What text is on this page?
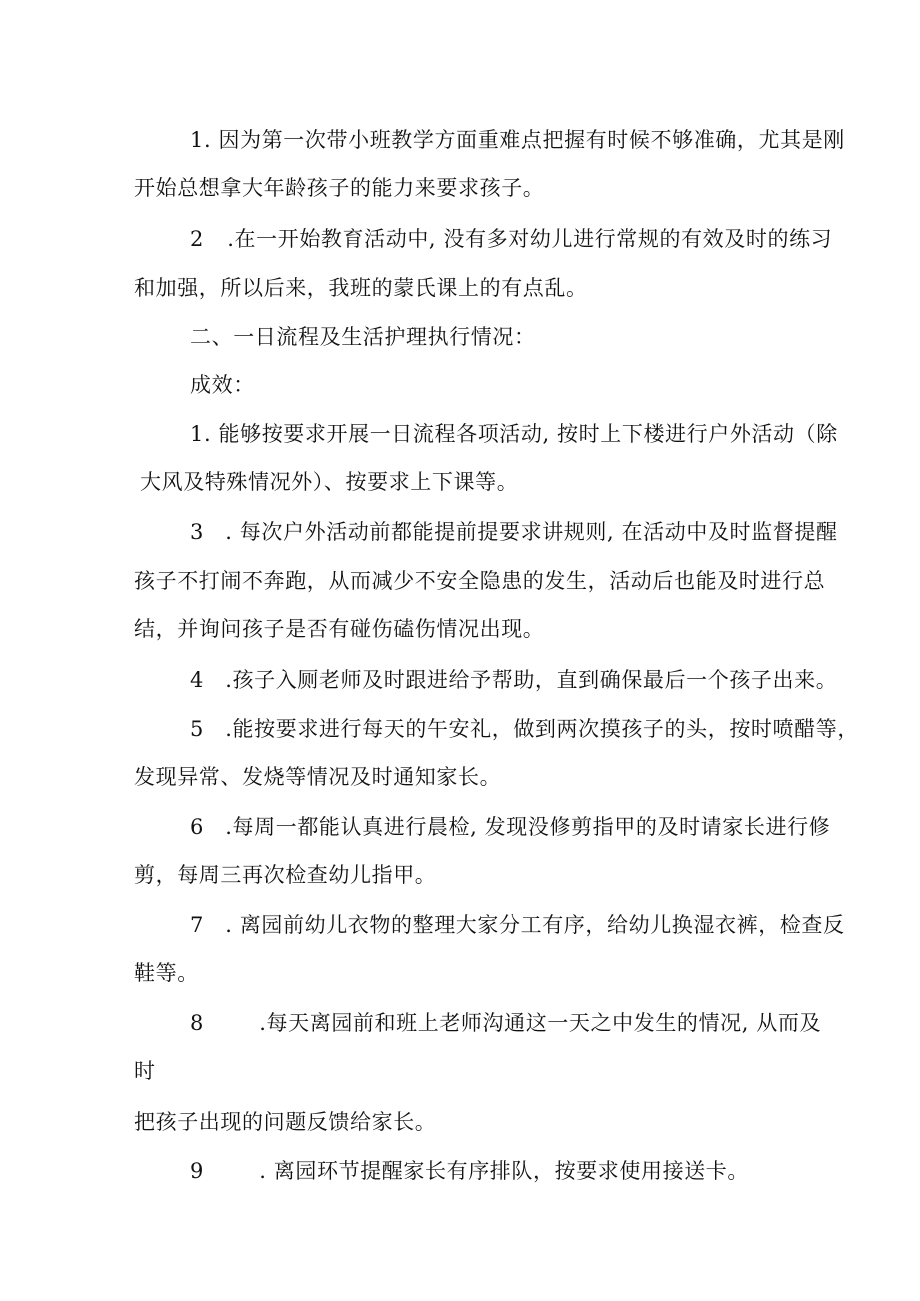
1. 因为第一次带小班教学方面重难点把握有时候不够准确，尤其是刚
开始总想拿大年龄孩子的能力来要求孩子。
2 .在一开始教育活动中, 没有多对幼儿进行常规的有效及时的练习
和加强，所以后来，我班的蒙氏课上的有点乱。
二、一日流程及生活护理执行情况：
成效：
1. 能够按要求开展一日流程各项活动, 按时上下楼进行户外活动（除
大风及特殊情况外）、按要求上下课等。
3 . 每次户外活动前都能提前提要求讲规则, 在活动中及时监督提醒
孩子不打闹不奔跑，从而减少不安全隐患的发生，活动后也能及时进行总
结，并询问孩子是否有碰伤磕伤情况出现。
4 .孩子入厕老师及时跟进给予帮助，直到确保最后一个孩子出来。
5 .能按要求进行每天的午安礼，做到两次摸孩子的头，按时喷醋等，
发现异常、发烧等情况及时通知家长。
6 .每周一都能认真进行晨检, 发现没修剪指甲的及时请家长进行修
剪，每周三再次检查幼儿指甲。
7 . 离园前幼儿衣物的整理大家分工有序，给幼儿换湿衣裤，检查反
鞋等。
8	.每天离园前和班上老师沟通这一天之中发生的情况, 从而及
时
把孩子出现的问题反馈给家长。
9	. 离园环节提醒家长有序排队，按要求使用接送卡。
